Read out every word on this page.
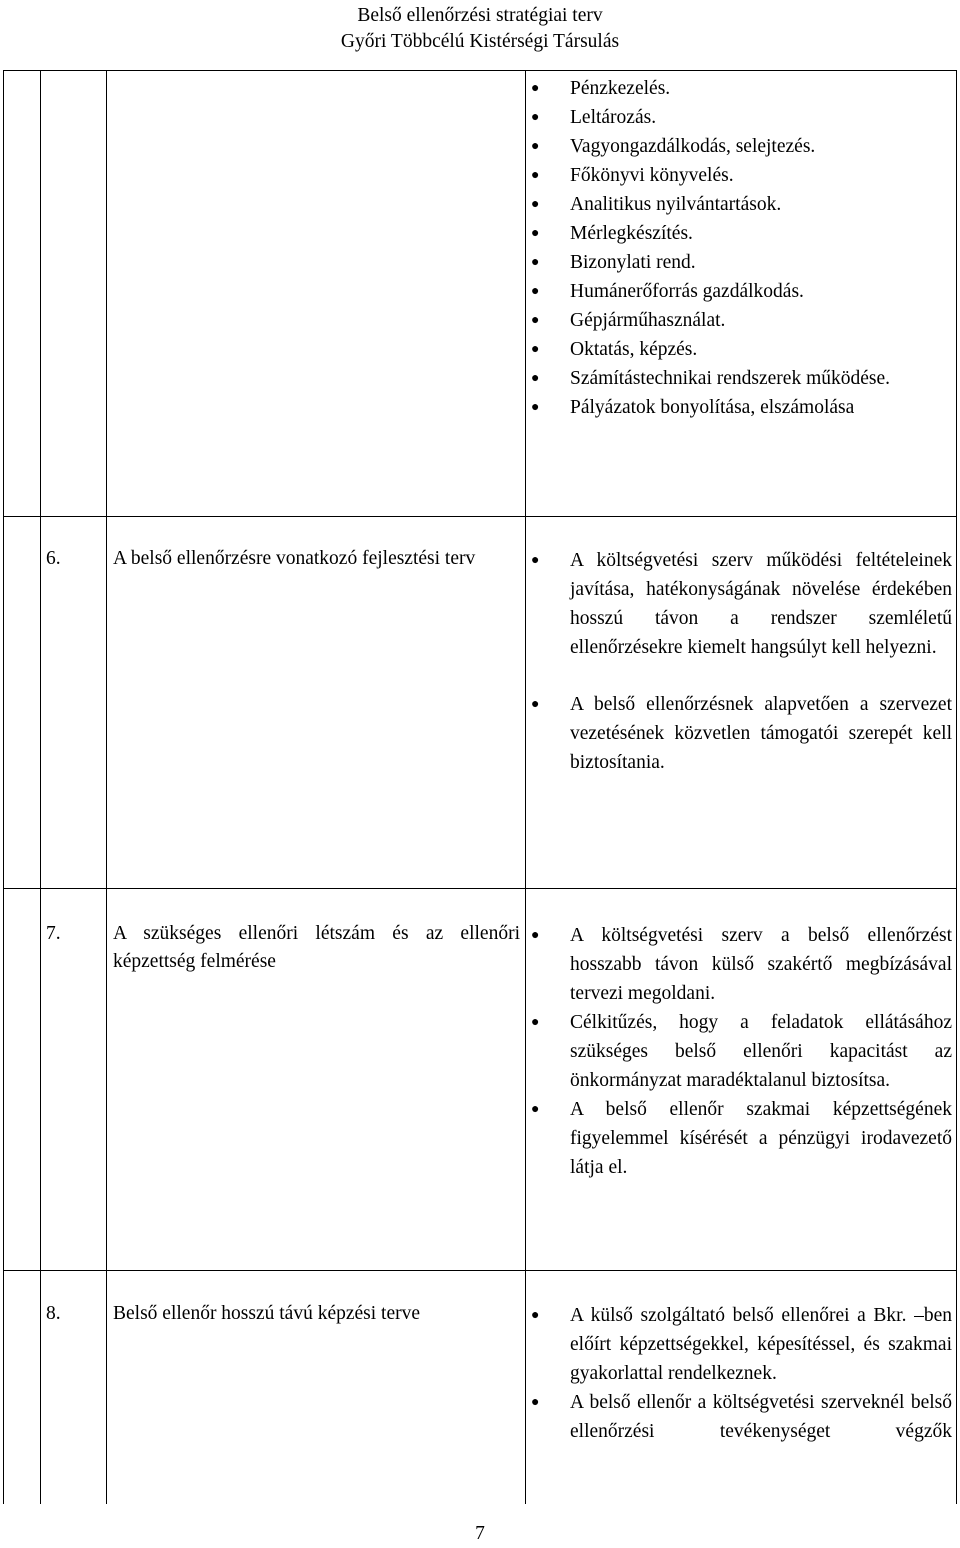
Belső ellenőrzési stratégiai terv
Győri Többcélú Kistérségi Társulás
● Pénzkezelés.
● Leltározás.
● Vagyongazdálkodás, selejtezés.
● Főkönyvi könyvelés.
● Analitikus nyilvántartások.
● Mérlegkészítés.
● Bizonylati rend.
● Humánerőforrás gazdálkodás.
● Gépjárműhasználat.
● Oktatás, képzés.
● Számítástechnikai rendszerek működése.
● Pályázatok bonyolítása, elszámolása
6.	A belső ellenőrzésre vonatkozó fejlesztési terv	● A költségvetési szerv működési feltételeinek javítása, hatékonyságának növelése érdekében hosszú távon a rendszer szemléletű ellenőrzésekre kiemelt hangsúlyt kell helyezni.
● A belső ellenőrzésnek alapvetően a szervezet vezetésének közvetlen támogatói szerepét kell biztosítania.
7.	A szükséges ellenőri létszám és az ellenőri képzettség felmérése
● A költségvetési szerv a belső ellenőrzést hosszabb távon külső szakértő megbízásával tervezi megoldani.
● Célkitűzés, hogy a feladatok ellátásához szükséges belső ellenőri kapacitást az önkormányzat maradéktalanul biztosítsa.
● A belső ellenőr szakmai képzettségének figyelemmel kísérését a pénzügyi irodavezető látja el.
8.	Belső ellenőr hosszú távú képzési terve	● A külső szolgáltató belső ellenőrei a Bkr. –ben előírt képzettségekkel, képesítéssel, és szakmai gyakorlattal rendelkeznek.
● A belső ellenőr a költségvetési szerveknél belső ellenőrzési tevékenységet végzők
7
